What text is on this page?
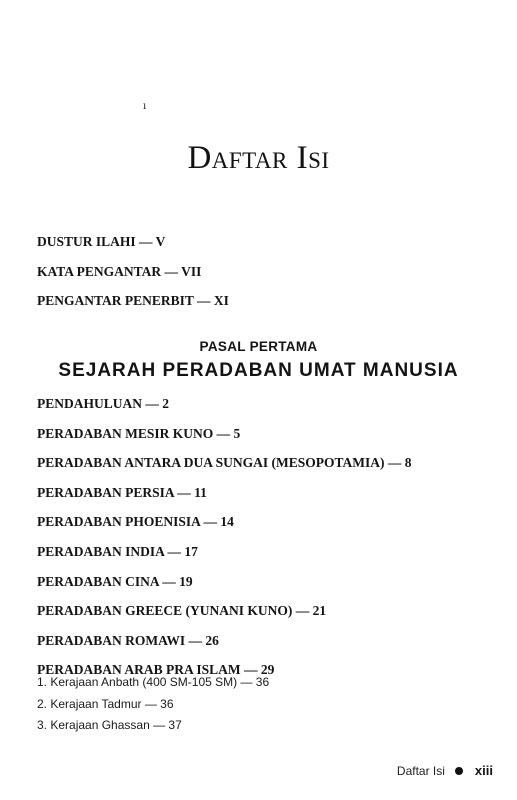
ı
Daftar Isi
DUSTUR ILAHI — V
KATA PENGANTAR — VII
PENGANTAR PENERBIT — XI
PASAL PERTAMA
SEJARAH PERADABAN UMAT MANUSIA
PENDAHULUAN — 2
PERADABAN MESIR KUNO — 5
PERADABAN ANTARA DUA SUNGAI (MESOPOTAMIA) — 8
PERADABAN PERSIA — 11
PERADABAN PHOENISIA — 14
PERADABAN INDIA — 17
PERADABAN CINA — 19
PERADABAN GREECE (YUNANI KUNO) — 21
PERADABAN ROMAWI — 26
PERADABAN ARAB PRA ISLAM — 29
1. Kerajaan Anbath (400 SM-105 SM) — 36
2. Kerajaan Tadmur — 36
3. Kerajaan Ghassan — 37
Daftar Isi xiii
